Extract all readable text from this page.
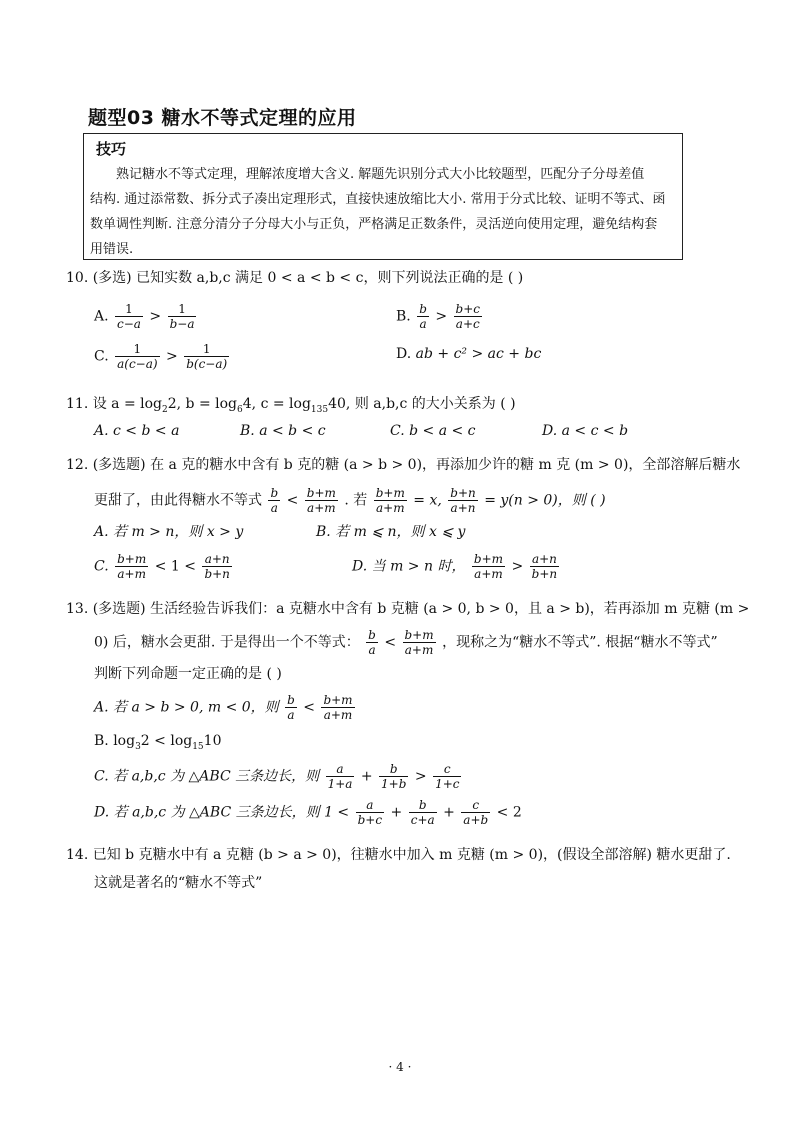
题型03 糖水不等式定理的应用
技巧

熟记糖水不等式定理，理解浓度增大含义. 解题先识别分式大小比较题型，匹配分子分母差值

结构. 通过添常数、拆分式子凑出定理形式，直接快速放缩比大小. 常用于分式比较、证明不等式、函

数单调性判断. 注意分清分子分母大小与正负，严格满足正数条件，灵活逆向使用定理，避免结构套

用错误.

10. (多选) 已知实数 a,b,c 满足 0 < a < b < c，则下列说法正确的是 ( )
A. $\frac{1}{c-a} > \frac{1}{b-a}$	B. $\frac{b}{a} > \frac{b+c}{a+c}$
C. $\frac{1}{a(c-a)} > \frac{1}{b(c-a)}$	D. ab + c² > ac + bc
11. 设 $a = \log_22$, $b = \log_64$, $c = \log_{135}40$, 则 a,b,c 的大小关系为 ( )
A. c < b < a	B. a < b < c	C. b < a < c	D. a < c < b
12. (多选题) 在 a 克的糖水中含有 b 克的糖 (a > b > 0)，再添加少许的糖 m 克 (m > 0)，全部溶解后糖水
更甜了，由此得糖水不等式 $\frac{b}{a} < \frac{b+m}{a+m}$ . 若 $\frac{b+m}{a+m} = x$, $\frac{b+n}{a+n} = y(n > 0)$，则 ( )
A. 若 m > n，则 x > y	B. 若 m ⩽ n，则 x ⩽ y
C. $\frac{b+m}{a+m} < 1 < \frac{a+n}{b+n}$	D. 当 m > n 时， $\frac{b+m}{a+m} > \frac{a+n}{b+n}$
13. (多选题) 生活经验告诉我们：a 克糖水中含有 b 克糖 (a > 0, b > 0，且 a > b)，若再添加 m 克糖 (m >
0) 后，糖水会更甜. 于是得出一个不等式： $\frac{b}{a} < \frac{b+m}{a+m}$ ，现称之为“糖水不等式”. 根据“糖水不等式”
判断下列命题一定正确的是 ( )
A. 若 a > b > 0, m < 0，则 $\frac{b}{a} < \frac{b+m}{a+m}$
B. $\log_32 < \log_{15}10$
C. 若 a,b,c 为 △ABC 三条边长，则 $\frac{a}{1+a} + \frac{b}{1+b} > \frac{c}{1+c}$
D. 若 a,b,c 为 △ABC 三条边长，则 $1 < \frac{a}{b+c} + \frac{b}{c+a} + \frac{c}{a+b} < 2$
14. 已知 b 克糖水中有 a 克糖 (b > a > 0)，往糖水中加入 m 克糖 (m > 0)，(假设全部溶解) 糖水更甜了.
这就是著名的“糖水不等式”
· 4 ·
